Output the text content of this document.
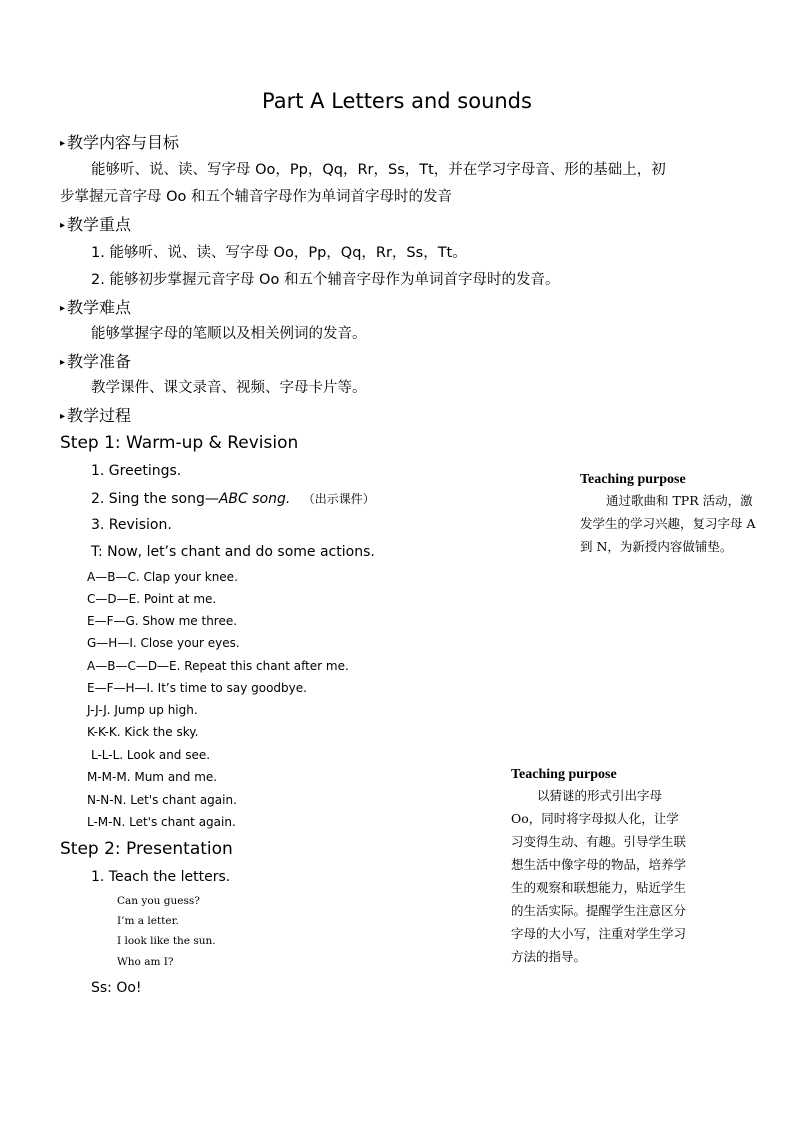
Part A Letters and sounds
▸ 教学内容与目标
能够听、说、读、写字母 Oo，Pp，Qq，Rr，Ss，Tt，并在学习字母音、形的基础上，初
步掌握元音字母 Oo 和五个辅音字母作为单词首字母时的发音
▸ 教学重点
1. 能够听、说、读、写字母 Oo，Pp，Qq，Rr，Ss，Tt。
2. 能够初步掌握元音字母 Oo 和五个辅音字母作为单词首字母时的发音。
▸ 教学难点
能够掌握字母的笔顺以及相关例词的发音。
▸ 教学准备
教学课件、课文录音、视频、字母卡片等。
▸ 教学过程
Step 1: Warm-up & Revision
1. Greetings.
2. Sing the song—ABC song. （出示课件）
3. Revision.
T: Now, let’s chant and do some actions.
A—B—C. Clap your knee.
C—D—E. Point at me.
E—F—G. Show me three.
G—H—I. Close your eyes.
A—B—C—D—E. Repeat this chant after me.
E—F—H—I. It’s time to say goodbye.
J-J-J. Jump up high.
K-K-K. Kick the sky.
L-L-L. Look and see.
M-M-M. Mum and me.
N-N-N. Let's chant again.
L-M-N. Let's chant again.
Step 2: Presentation
1. Teach the letters.
Can you guess?
I’m a letter.
I look like the sun.
Who am I?
Ss: Oo!
Teaching purpose
通过歌曲和 TPR 活动，激发学生的学习兴趣，复习字母 A 到 N，为新授内容做铺垫。
Teaching purpose
以猜谜的形式引出字母 Oo，同时将字母拟人化，让学习变得生动、有趣。引导学生联想生活中像字母的物品，培养学生的观察和联想能力，贴近学生的生活实际。提醒学生注意区分字母的大小写，注重对学生学习方法的指导。
